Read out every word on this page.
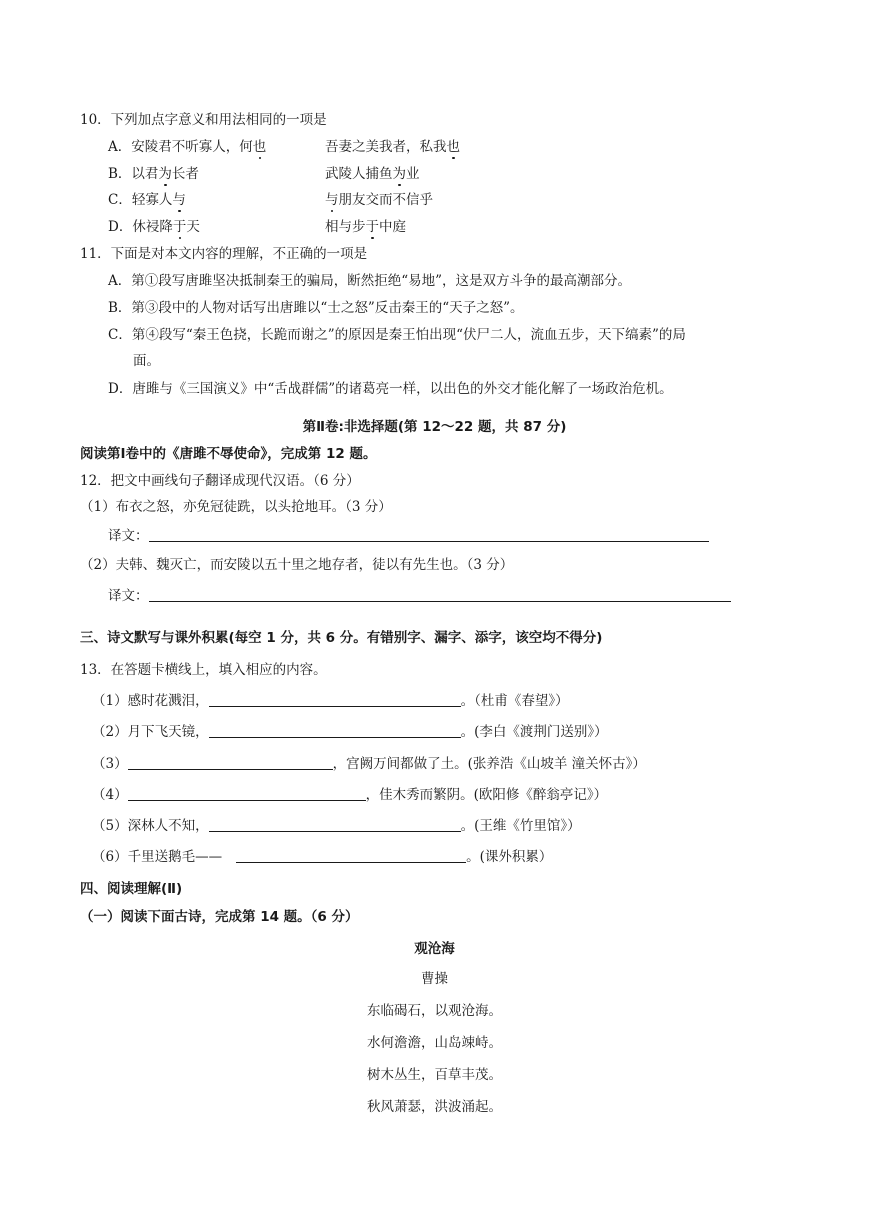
10．下列加点字意义和用法相同的一项是
A．安陵君不听寡人，何也	吾妻之美我者，私我也
B．以君为长者	武陵人捕鱼为业
C．轻寡人与	与朋友交而不信乎
D．休祲降于天	相与步于中庭
11．下面是对本文内容的理解，不正确的一项是
A．第①段写唐雎坚决抵制秦王的骗局，断然拒绝“易地”，这是双方斗争的最高潮部分。
B．第③段中的人物对话写出唐雎以“士之怒”反击秦王的“天子之怒”。
C．第④段写“秦王色挠，长跪而谢之”的原因是秦王怕出现“伏尸二人，流血五步，天下缟素”的局
面。
D．唐雎与《三国演义》中“舌战群儒”的诸葛亮一样，以出色的外交才能化解了一场政治危机。
第Ⅱ卷:非选择题(第 12～22 题，共 87 分)
阅读第Ⅰ卷中的《唐雎不辱使命》，完成第 12 题。
12．把文中画线句子翻译成现代汉语。（6 分）
（1）布衣之怒，亦免冠徒跣，以头抢地耳。（3 分）
译文：
（2）夫韩、魏灭亡，而安陵以五十里之地存者，徒以有先生也。（3 分）
译文：
三、诗文默写与课外积累(每空 1 分，共 6 分。有错别字、漏字、添字，该空均不得分)
13．在答题卡横线上，填入相应的内容。
（1）感时花溅泪，	。（杜甫《春望》）
（2）月下飞天镜，	。(李白《渡荆门送别》）
（3）	，宫阙万间都做了土。(张养浩《山坡羊 潼关怀古》）
（4）	，佳木秀而繁阴。(欧阳修《醉翁亭记》）
（5）深林人不知，	。(王维《竹里馆》）
（6）千里送鹅毛——	。(课外积累）
四、阅读理解(Ⅱ)
（一）阅读下面古诗，完成第 14 题。（6 分）
观沧海
曹操
东临碣石，以观沧海。
水何澹澹，山岛竦峙。
树木丛生，百草丰茂。
秋风萧瑟，洪波涌起。
